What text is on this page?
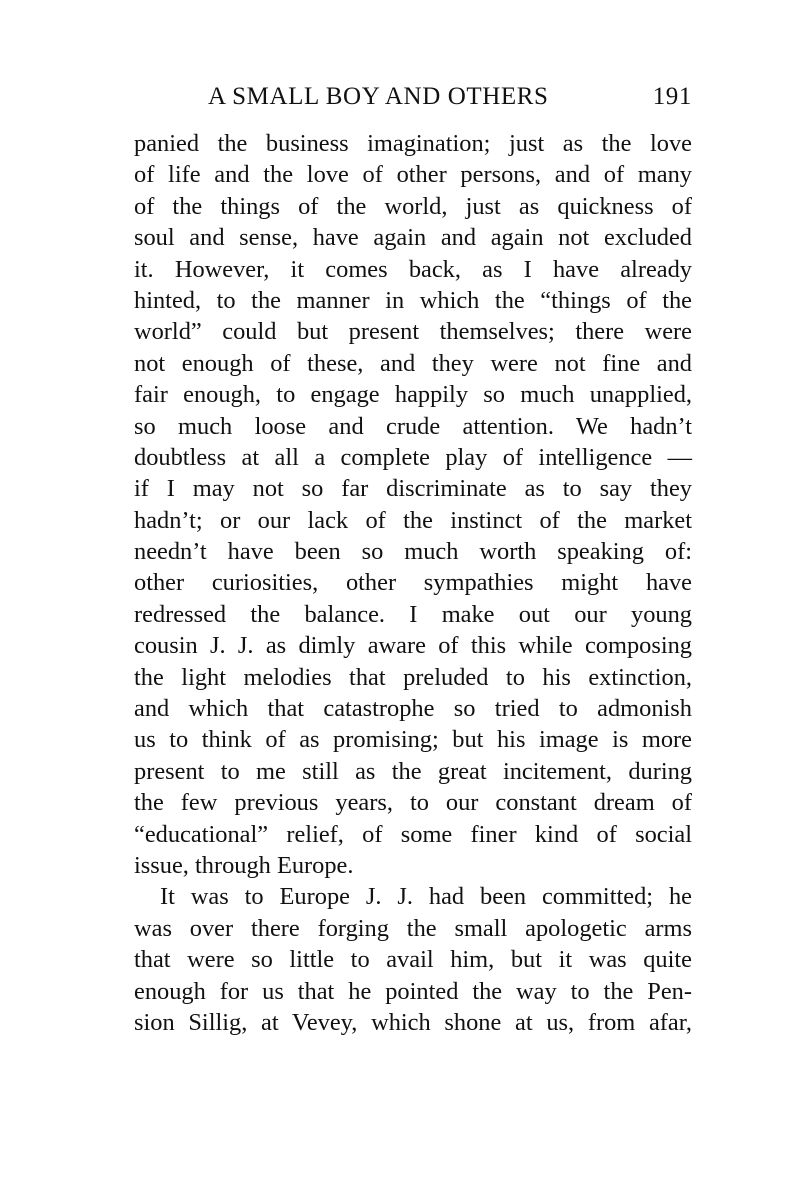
A SMALL BOY AND OTHERS	191
panied the business imagination; just as the love
of life and the love of other persons, and of many
of the things of the world, just as quickness of
soul and sense, have again and again not excluded
it. However, it comes back, as I have already
hinted, to the manner in which the “things of the
world” could but present themselves; there were
not enough of these, and they were not fine and
fair enough, to engage happily so much unapplied,
so much loose and crude attention. We hadn’t
doubtless at all a complete play of intelligence —
if I may not so far discriminate as to say they
hadn’t; or our lack of the instinct of the market
needn’t have been so much worth speaking of:
other curiosities, other sympathies might have
redressed the balance. I make out our young
cousin J. J. as dimly aware of this while composing
the light melodies that preluded to his extinction,
and which that catastrophe so tried to admonish
us to think of as promising; but his image is more
present to me still as the great incitement, during
the few previous years, to our constant dream of
“educational” relief, of some finer kind of social
issue, through Europe.
It was to Europe J. J. had been committed; he
was over there forging the small apologetic arms
that were so little to avail him, but it was quite
enough for us that he pointed the way to the Pen-
sion Sillig, at Vevey, which shone at us, from afar,
